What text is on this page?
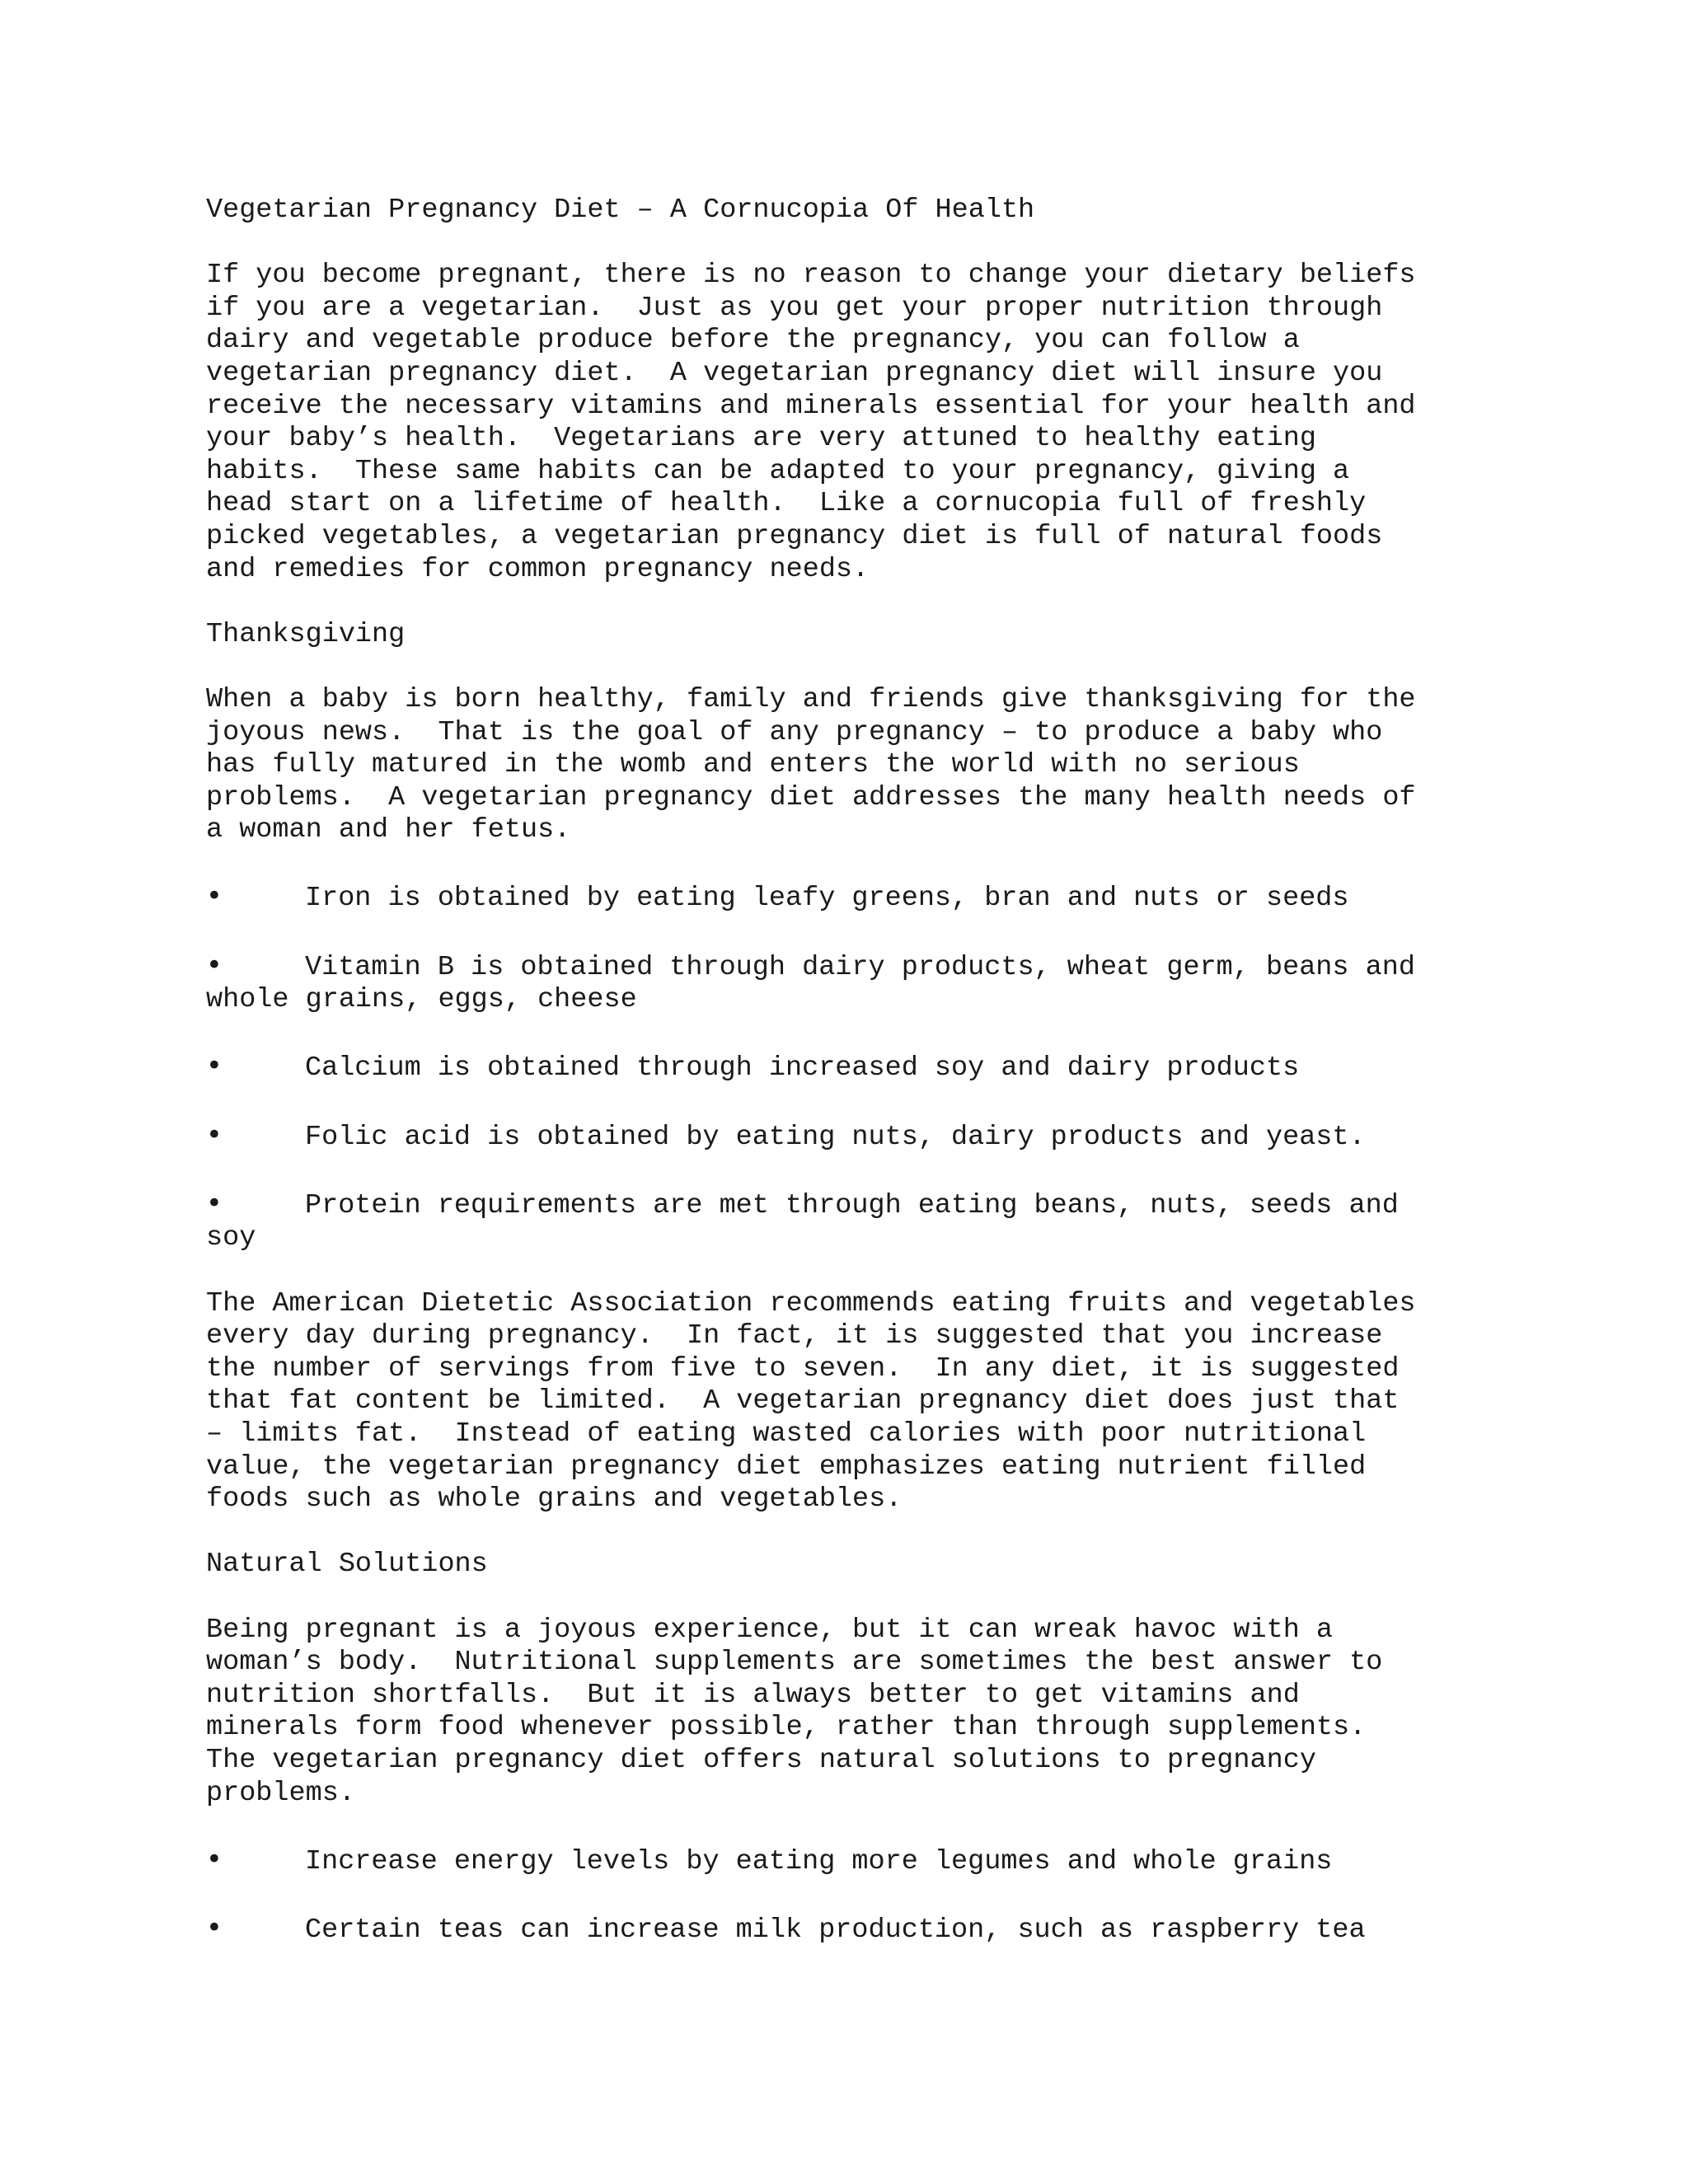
Vegetarian Pregnancy Diet – A Cornucopia Of Health
If you become pregnant, there is no reason to change your dietary beliefs
if you are a vegetarian.  Just as you get your proper nutrition through
dairy and vegetable produce before the pregnancy, you can follow a
vegetarian pregnancy diet.  A vegetarian pregnancy diet will insure you
receive the necessary vitamins and minerals essential for your health and
your baby’s health.  Vegetarians are very attuned to healthy eating
habits.  These same habits can be adapted to your pregnancy, giving a
head start on a lifetime of health.  Like a cornucopia full of freshly
picked vegetables, a vegetarian pregnancy diet is full of natural foods
and remedies for common pregnancy needs.
Thanksgiving
When a baby is born healthy, family and friends give thanksgiving for the
joyous news.  That is the goal of any pregnancy – to produce a baby who
has fully matured in the womb and enters the world with no serious
problems.  A vegetarian pregnancy diet addresses the many health needs of
a woman and her fetus.
•	Iron is obtained by eating leafy greens, bran and nuts or seeds
•	Vitamin B is obtained through dairy products, wheat germ, beans and
whole grains, eggs, cheese
•	Calcium is obtained through increased soy and dairy products
•	Folic acid is obtained by eating nuts, dairy products and yeast.
•	Protein requirements are met through eating beans, nuts, seeds and
soy
The American Dietetic Association recommends eating fruits and vegetables
every day during pregnancy.  In fact, it is suggested that you increase
the number of servings from five to seven.  In any diet, it is suggested
that fat content be limited.  A vegetarian pregnancy diet does just that
– limits fat.  Instead of eating wasted calories with poor nutritional
value, the vegetarian pregnancy diet emphasizes eating nutrient filled
foods such as whole grains and vegetables.
Natural Solutions
Being pregnant is a joyous experience, but it can wreak havoc with a
woman’s body.  Nutritional supplements are sometimes the best answer to
nutrition shortfalls.  But it is always better to get vitamins and
minerals form food whenever possible, rather than through supplements.
The vegetarian pregnancy diet offers natural solutions to pregnancy
problems.
•	Increase energy levels by eating more legumes and whole grains
•	Certain teas can increase milk production, such as raspberry tea
